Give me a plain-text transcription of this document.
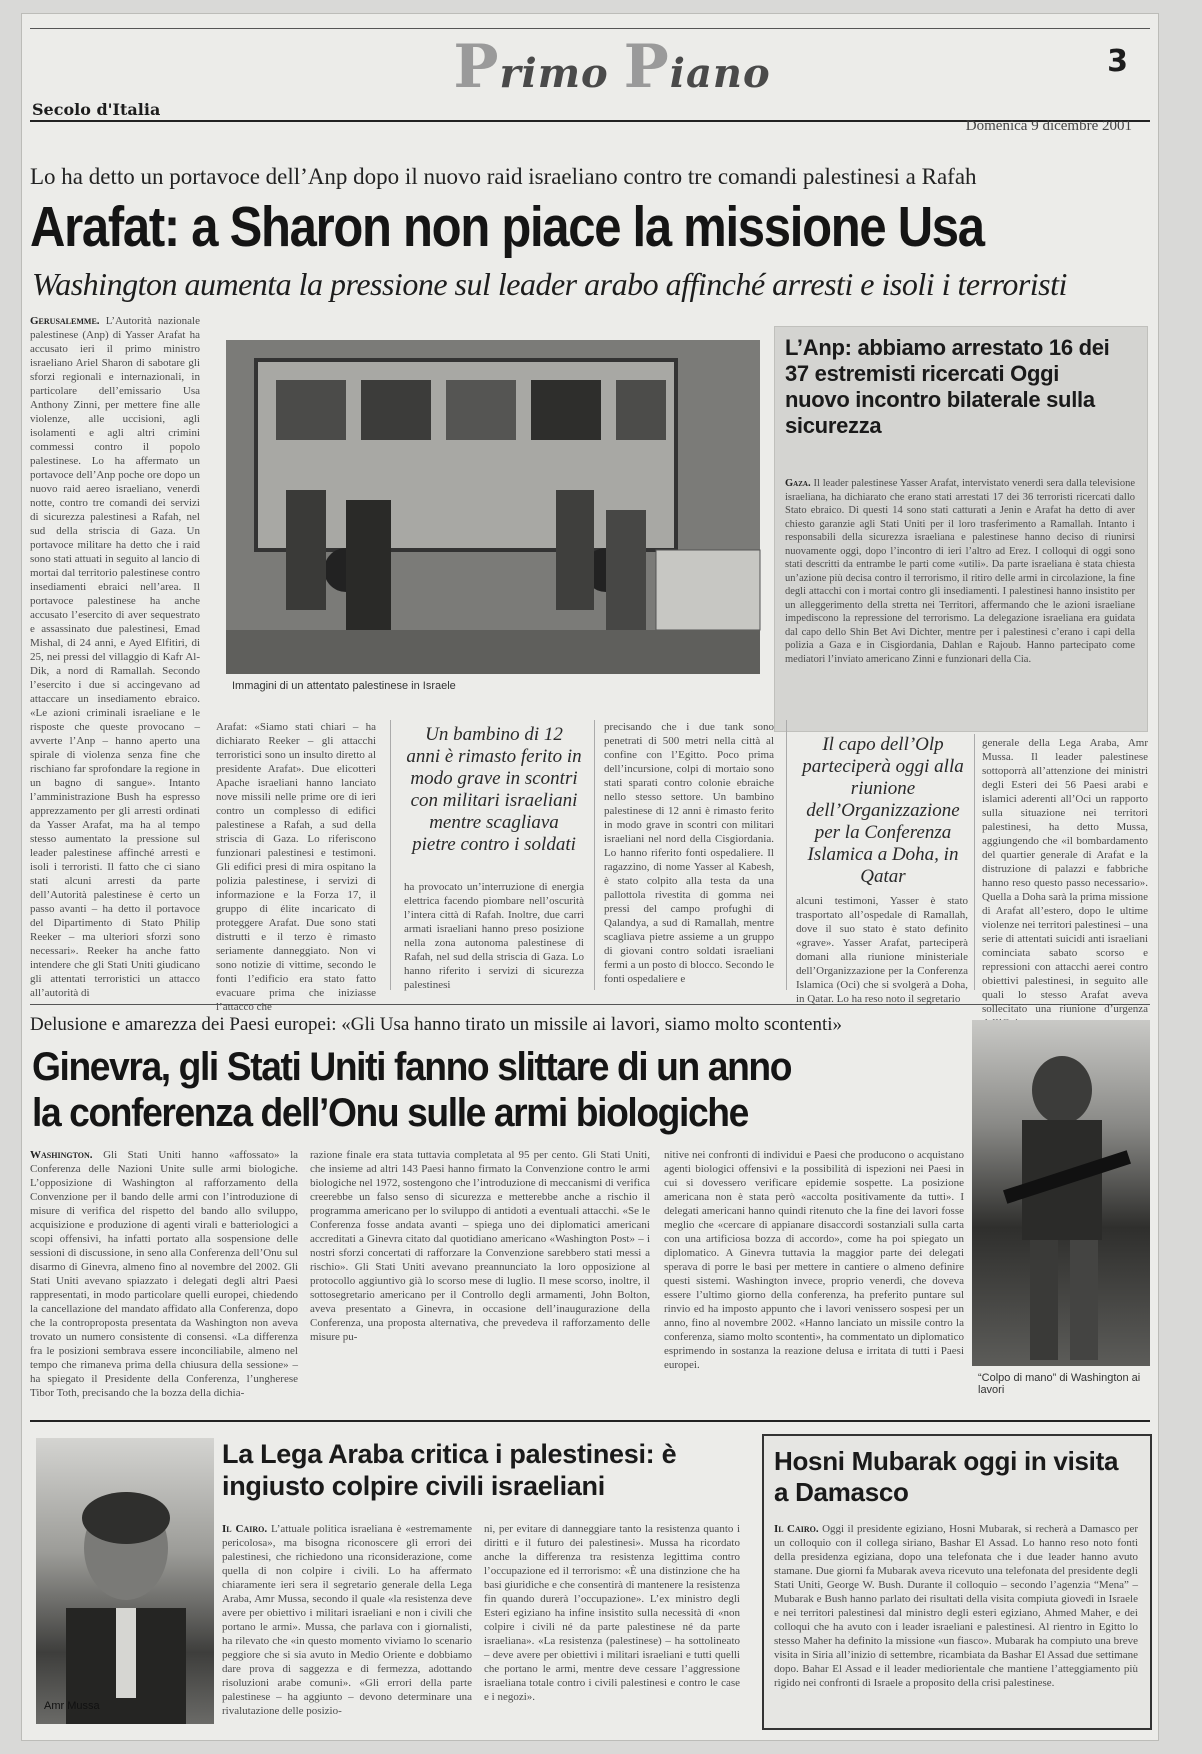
Primo Piano	3
Secolo d'Italia
Domenica 9 dicembre 2001
Lo ha detto un portavoce dell’Anp dopo il nuovo raid israeliano contro tre comandi palestinesi a Rafah
Arafat: a Sharon non piace la missione Usa
Washington aumenta la pressione sul leader arabo affinché arresti e isoli i terroristi
Gerusalemme. L’Autorità nazionale palestinese (Anp) di Yasser Arafat ha accusato ieri il primo ministro israeliano Ariel Sharon di sabotare gli sforzi regionali e internazionali, in particolare dell’emissario Usa Anthony Zinni, per mettere fine alle violenze, alle uccisioni, agli isolamenti e agli altri crimini commessi contro il popolo palestinese. Lo ha affermato un portavoce dell’Anp poche ore dopo un nuovo raid aereo israeliano, venerdì notte, contro tre comandi dei servizi di sicurezza palestinesi a Rafah, nel sud della striscia di Gaza. Un portavoce militare ha detto che i raid sono stati attuati in seguito al lancio di mortai dal territorio palestinese contro insediamenti ebraici nell’area. Il portavoce palestinese ha anche accusato l’esercito di aver sequestrato e assassinato due palestinesi, Emad Mishal, di 24 anni, e Ayed Elfitiri, di 25, nei pressi del villaggio di Kafr Al-Dik, a nord di Ramallah. Secondo l’esercito i due si accingevano ad attaccare un insediamento ebraico. «Le azioni criminali israeliane e le risposte che queste provocano – avverte l’Anp – hanno aperto una spirale di violenza senza fine che rischiano far sprofondare la regione in un bagno di sangue». Intanto l’amministrazione Bush ha espresso apprezzamento per gli arresti ordinati da Yasser Arafat, ma ha al tempo stesso aumentato la pressione sul leader palestinese affinché arresti e isoli i terroristi. Il fatto che ci siano stati alcuni arresti da parte dell’Autorità palestinese è certo un passo avanti – ha detto il portavoce del Dipartimento di Stato Philip Reeker – ma ulteriori sforzi sono necessari». Reeker ha anche fatto intendere che gli Stati Uniti giudicano gli attentati terroristici un attacco all’autorità di
Immagini di un attentato palestinese in Israele
L’Anp: abbiamo arrestato 16 dei 37 estremisti ricercati Oggi nuovo incontro bilaterale sulla sicurezza
Gaza. Il leader palestinese Yasser Arafat, intervistato venerdì sera dalla televisione israeliana, ha dichiarato che erano stati arrestati 17 dei 36 terroristi ricercati dallo Stato ebraico. Di questi 14 sono stati catturati a Jenin e Arafat ha detto di aver chiesto garanzie agli Stati Uniti per il loro trasferimento a Ramallah. Intanto i responsabili della sicurezza israeliana e palestinese hanno deciso di riunirsi nuovamente oggi, dopo l’incontro di ieri l’altro ad Erez. I colloqui di oggi sono stati descritti da entrambe le parti come «utili». Da parte israeliana è stata chiesta un’azione più decisa contro il terrorismo, il ritiro delle armi in circolazione, la fine degli attacchi con i mortai contro gli insediamenti. I palestinesi hanno insistito per un alleggerimento della stretta nei Territori, affermando che le azioni israeliane impediscono la repressione del terrorismo. La delegazione israeliana era guidata dal capo dello Shin Bet Avi Dichter, mentre per i palestinesi c’erano i capi della polizia a Gaza e in Cisgiordania, Dahlan e Rajoub. Hanno partecipato come mediatori l’inviato americano Zinni e funzionari della Cia.
Arafat: «Siamo stati chiari – ha dichiarato Reeker – gli attacchi terroristici sono un insulto diretto al presidente Arafat». Due elicotteri Apache israeliani hanno lanciato nove missili nelle prime ore di ieri contro un complesso di edifici palestinese a Rafah, a sud della striscia di Gaza. Lo riferiscono funzionari palestinesi e testimoni. Gli edifici presi di mira ospitano la polizia palestinese, i servizi di informazione e la Forza 17, il gruppo di élite incaricato di proteggere Arafat. Due sono stati distrutti e il terzo è rimasto seriamente danneggiato. Non vi sono notizie di vittime, secondo le fonti l’edificio era stato fatto evacuare prima che iniziasse l’attacco che
Un bambino di 12 anni è rimasto ferito in modo grave in scontri con militari israeliani mentre scagliava pietre contro i soldati
ha provocato un’interruzione di energia elettrica facendo piombare nell’oscurità l’intera città di Rafah. Inoltre, due carri armati israeliani hanno preso posizione nella zona autonoma palestinese di Rafah, nel sud della striscia di Gaza. Lo hanno riferito i servizi di sicurezza palestinesi
precisando che i due tank sono penetrati di 500 metri nella città al confine con l’Egitto. Poco prima dell’incursione, colpi di mortaio sono stati sparati contro colonie ebraiche nello stesso settore. Un bambino palestinese di 12 anni è rimasto ferito in modo grave in scontri con militari israeliani nel nord della Cisgiordania. Lo hanno riferito fonti ospedaliere. Il ragazzino, di nome Yasser al Kabesh, è stato colpito alla testa da una pallottola rivestita di gomma nei pressi del campo profughi di Qalandya, a sud di Ramallah, mentre scagliava pietre assieme a un gruppo di giovani contro soldati israeliani fermi a un posto di blocco. Secondo le fonti ospedaliere e
Il capo dell’Olp parteciperà oggi alla riunione dell’Organizzazione per la Conferenza Islamica a Doha, in Qatar
alcuni testimoni, Yasser è stato trasportato all’ospedale di Ramallah, dove il suo stato è stato definito «grave». Yasser Arafat, parteciperà domani alla riunione ministeriale dell’Organizzazione per la Conferenza Islamica (Oci) che si svolgerà a Doha, in Qatar. Lo ha reso noto il segretario
generale della Lega Araba, Amr Mussa. Il leader palestinese sottoporrà all’attenzione dei ministri degli Esteri dei 56 Paesi arabi e islamici aderenti all’Oci un rapporto sulla situazione nei territori palestinesi, ha detto Mussa, aggiungendo che «il bombardamento del quartier generale di Arafat e la distruzione di palazzi e fabbriche hanno reso questo passo necessario». Quella a Doha sarà la prima missione di Arafat all’estero, dopo le ultime violenze nei territori palestinesi – una serie di attentati suicidi anti israeliani cominciata sabato scorso e repressioni con attacchi aerei contro obiettivi palestinesi, in seguito alle quali lo stesso Arafat aveva sollecitato una riunione d’urgenza
Delusione e amarezza dei Paesi europei: «Gli Usa hanno tirato un missile ai lavori, siamo molto scontenti»
Ginevra, gli Stati Uniti fanno slittare di un anno
la conferenza dell’Onu sulle armi biologiche
Washington. Gli Stati Uniti hanno «affossato» la Conferenza delle Nazioni Unite sulle armi biologiche. L’opposizione di Washington al rafforzamento della Convenzione per il bando delle armi con l’introduzione di misure di verifica del rispetto del bando allo sviluppo, acquisizione e produzione di agenti virali e batteriologici a scopi offensivi, ha infatti portato alla sospensione delle sessioni di discussione, in seno alla Conferenza dell’Onu sul disarmo di Ginevra, almeno fino al novembre del 2002. Gli Stati Uniti avevano spiazzato i delegati degli altri Paesi rappresentati, in modo particolare quelli europei, chiedendo la cancellazione del mandato affidato alla Conferenza, dopo che la controproposta presentata da Washington non aveva trovato un numero consistente di consensi. «La differenza fra le posizioni sembrava essere inconciliabile, almeno nel tempo che rimaneva prima della chiusura della sessione» – ha spiegato il Presidente della Conferenza, l’ungherese Tibor Toth, precisando che la bozza della dichia-
razione finale era stata tuttavia completata al 95 per cento. Gli Stati Uniti, che insieme ad altri 143 Paesi hanno firmato la Convenzione contro le armi biologiche nel 1972, sostengono che l’introduzione di meccanismi di verifica creerebbe un falso senso di sicurezza e metterebbe anche a rischio il programma americano per lo sviluppo di antidoti a eventuali attacchi. «Se le Conferenza fosse andata avanti – spiega uno dei diplomatici americani accreditati a Ginevra citato dal quotidiano americano «Washington Post» – i nostri sforzi concertati di rafforzare la Convenzione sarebbero stati messi a rischio». Gli Stati Uniti avevano preannunciato la loro opposizione al protocollo aggiuntivo già lo scorso mese di luglio. Il mese scorso, inoltre, il sottosegretario americano per il Controllo degli armamenti, John Bolton, aveva presentato a Ginevra, in occasione dell’inaugurazione della Conferenza, una proposta alternativa, che prevedeva il rafforzamento delle misure pu-
nitive nei confronti di individui e Paesi che producono o acquistano agenti biologici offensivi e la possibilità di ispezioni nei Paesi in cui si dovessero verificare epidemie sospette. La posizione americana non è stata però «accolta positivamente da tutti». I delegati americani hanno quindi ritenuto che la fine dei lavori fosse meglio che «cercare di appianare disaccordi sostanziali sulla carta con una artificiosa bozza di accordo», come ha poi spiegato un diplomatico. A Ginevra tuttavia la maggior parte dei delegati sperava di porre le basi per mettere in cantiere o almeno definire questi sistemi. Washington invece, proprio venerdì, che doveva essere l’ultimo giorno della conferenza, ha preferito puntare sul rinvio ed ha imposto appunto che i lavori venissero sospesi per un anno, fino al novembre 2002. «Hanno lanciato un missile contro la conferenza, siamo molto scontenti», ha commentato un diplomatico esprimendo in sostanza la reazione delusa e irritata di tutti i Paesi europei.
“Colpo di mano” di Washington ai lavori
Amr Mussa
La Lega Araba critica i palestinesi: è ingiusto colpire civili israeliani
Il Cairo. L’attuale politica israeliana è «estremamente pericolosa», ma bisogna riconoscere gli errori dei palestinesi, che richiedono una riconsiderazione, come quella di non colpire i civili. Lo ha affermato chiaramente ieri sera il segretario generale della Lega Araba, Amr Mussa, secondo il quale «la resistenza deve avere per obiettivo i militari israeliani e non i civili che portano le armi». Mussa, che parlava con i giornalisti, ha rilevato che «in questo momento viviamo lo scenario peggiore che si sia avuto in Medio Oriente e dobbiamo dare prova di saggezza e di fermezza, adottando risoluzioni arabe comuni». «Gli errori della parte palestinese – ha aggiunto – devono determinare una rivalutazione delle posizio-
ni, per evitare di danneggiare tanto la resistenza quanto i diritti e il futuro dei palestinesi». Mussa ha ricordato anche la differenza tra resistenza legittima contro l’occupazione ed il terrorismo: «È una distinzione che ha basi giuridiche e che consentirà di mantenere la resistenza fin quando durerà l’occupazione». L’ex ministro degli Esteri egiziano ha infine insistito sulla necessità di «non colpire i civili né da parte palestinese né da parte israeliana». «La resistenza (palestinese) – ha sottolineato – deve avere per obiettivi i militari israeliani e tutti quelli che portano le armi, mentre deve cessare l’aggressione israeliana totale contro i civili palestinesi e contro le case e i negozi».
Hosni Mubarak oggi in visita a Damasco
Il Cairo. Oggi il presidente egiziano, Hosni Mubarak, si recherà a Damasco per un colloquio con il collega siriano, Bashar El Assad. Lo hanno reso noto fonti della presidenza egiziana, dopo una telefonata che i due leader hanno avuto stamane. Due giorni fa Mubarak aveva ricevuto una telefonata del presidente degli Stati Uniti, George W. Bush. Durante il colloquio – secondo l’agenzia “Mena” – Mubarak e Bush hanno parlato dei risultati della visita compiuta giovedì in Israele e nei territori palestinesi dal ministro degli esteri egiziano, Ahmed Maher, e dei colloqui che ha avuto con i leader israeliani e palestinesi. Al rientro in Egitto lo stesso Maher ha definito la missione «un fiasco». Mubarak ha compiuto una breve visita in Siria all’inizio di settembre, ricambiata da Bashar El Assad due settimane dopo. Bahar El Assad e il leader mediorientale che mantiene l’atteggiamento più rigido nei confronti di Israele a proposito della crisi palestinese.
